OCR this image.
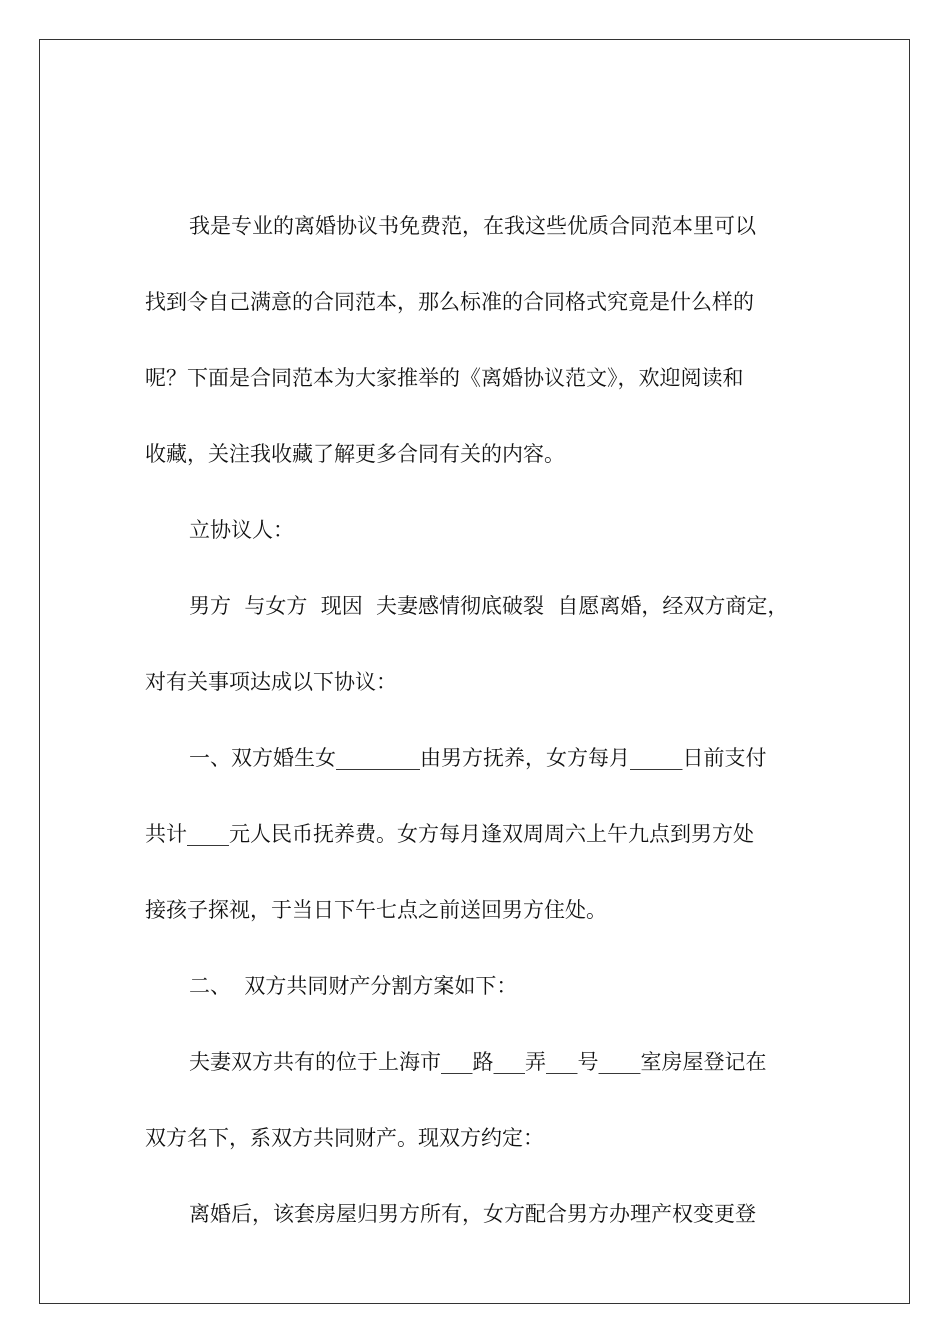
我是专业的离婚协议书免费范，在我这些优质合同范本里可以
找到令自己满意的合同范本，那么标准的合同格式究竟是什么样的
呢？下面是合同范本为大家推举的《离婚协议范文》，欢迎阅读和
收藏，关注我收藏了解更多合同有关的内容。
立协议人：
男方  与女方  现因  夫妻感情彻底破裂  自愿离婚，经双方商定，
对有关事项达成以下协议：
一、双方婚生女________由男方抚养，女方每月_____日前支付
共计____元人民币抚养费。女方每月逢双周周六上午九点到男方处
接孩子探视，于当日下午七点之前送回男方住处。
二、  双方共同财产分割方案如下：
夫妻双方共有的位于上海市___路___弄___号____室房屋登记在
双方名下，系双方共同财产。现双方约定：
离婚后，该套房屋归男方所有，女方配合男方办理产权变更登
